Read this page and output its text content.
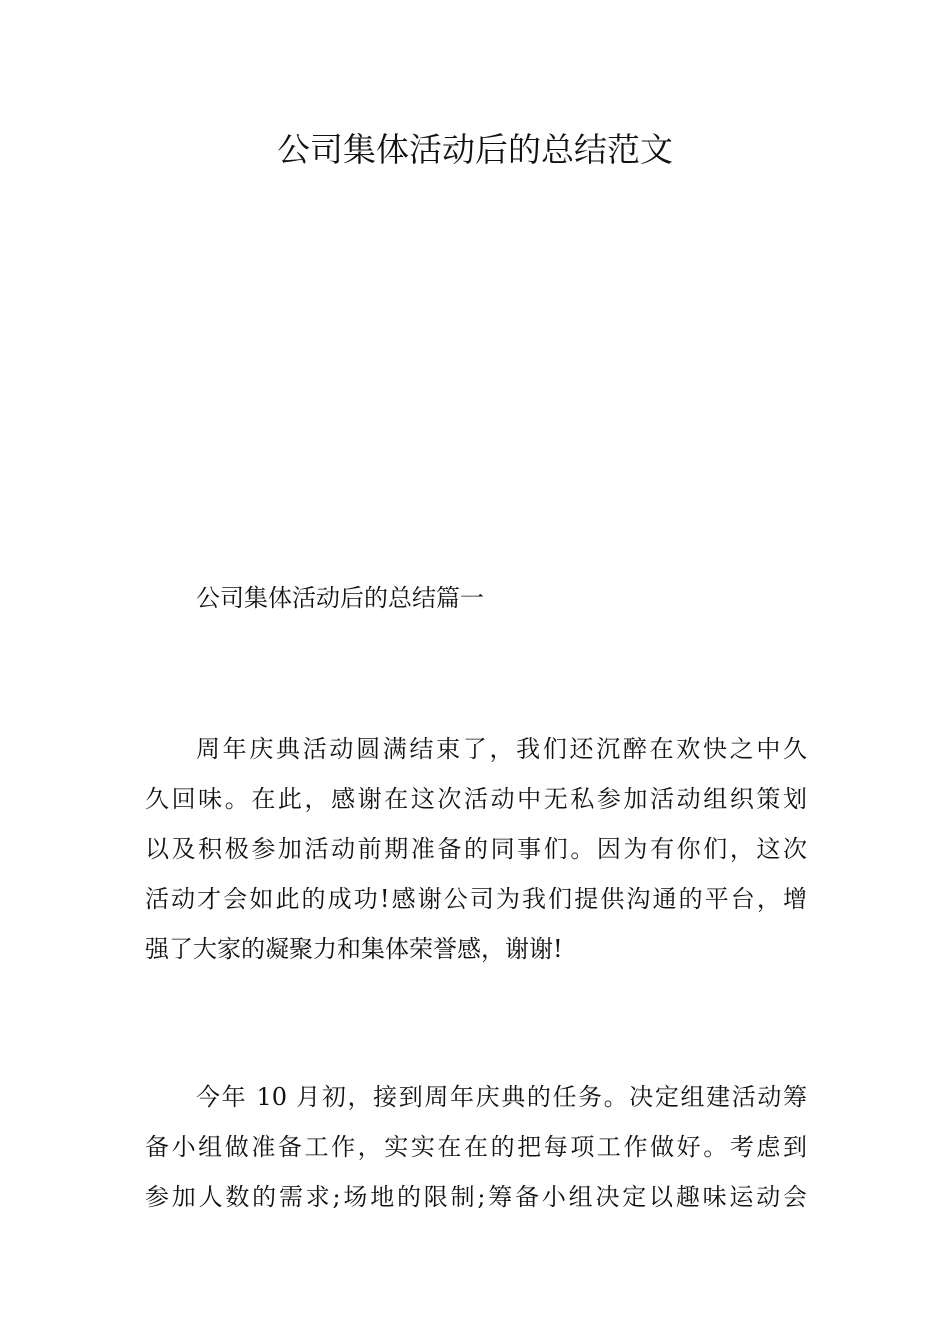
公司集体活动后的总结范文

公司集体活动后的总结篇一

周年庆典活动圆满结束了，我们还沉醉在欢快之中久
久回味。在此，感谢在这次活动中无私参加活动组织策划
以及积极参加活动前期准备的同事们。因为有你们，这次
活动才会如此的成功!感谢公司为我们提供沟通的平台，增
强了大家的凝聚力和集体荣誉感，谢谢!
今年 10 月初，接到周年庆典的任务。决定组建活动筹
备小组做准备工作，实实在在的把每项工作做好。考虑到
参加人数的需求;场地的限制;筹备小组决定以趣味运动会
